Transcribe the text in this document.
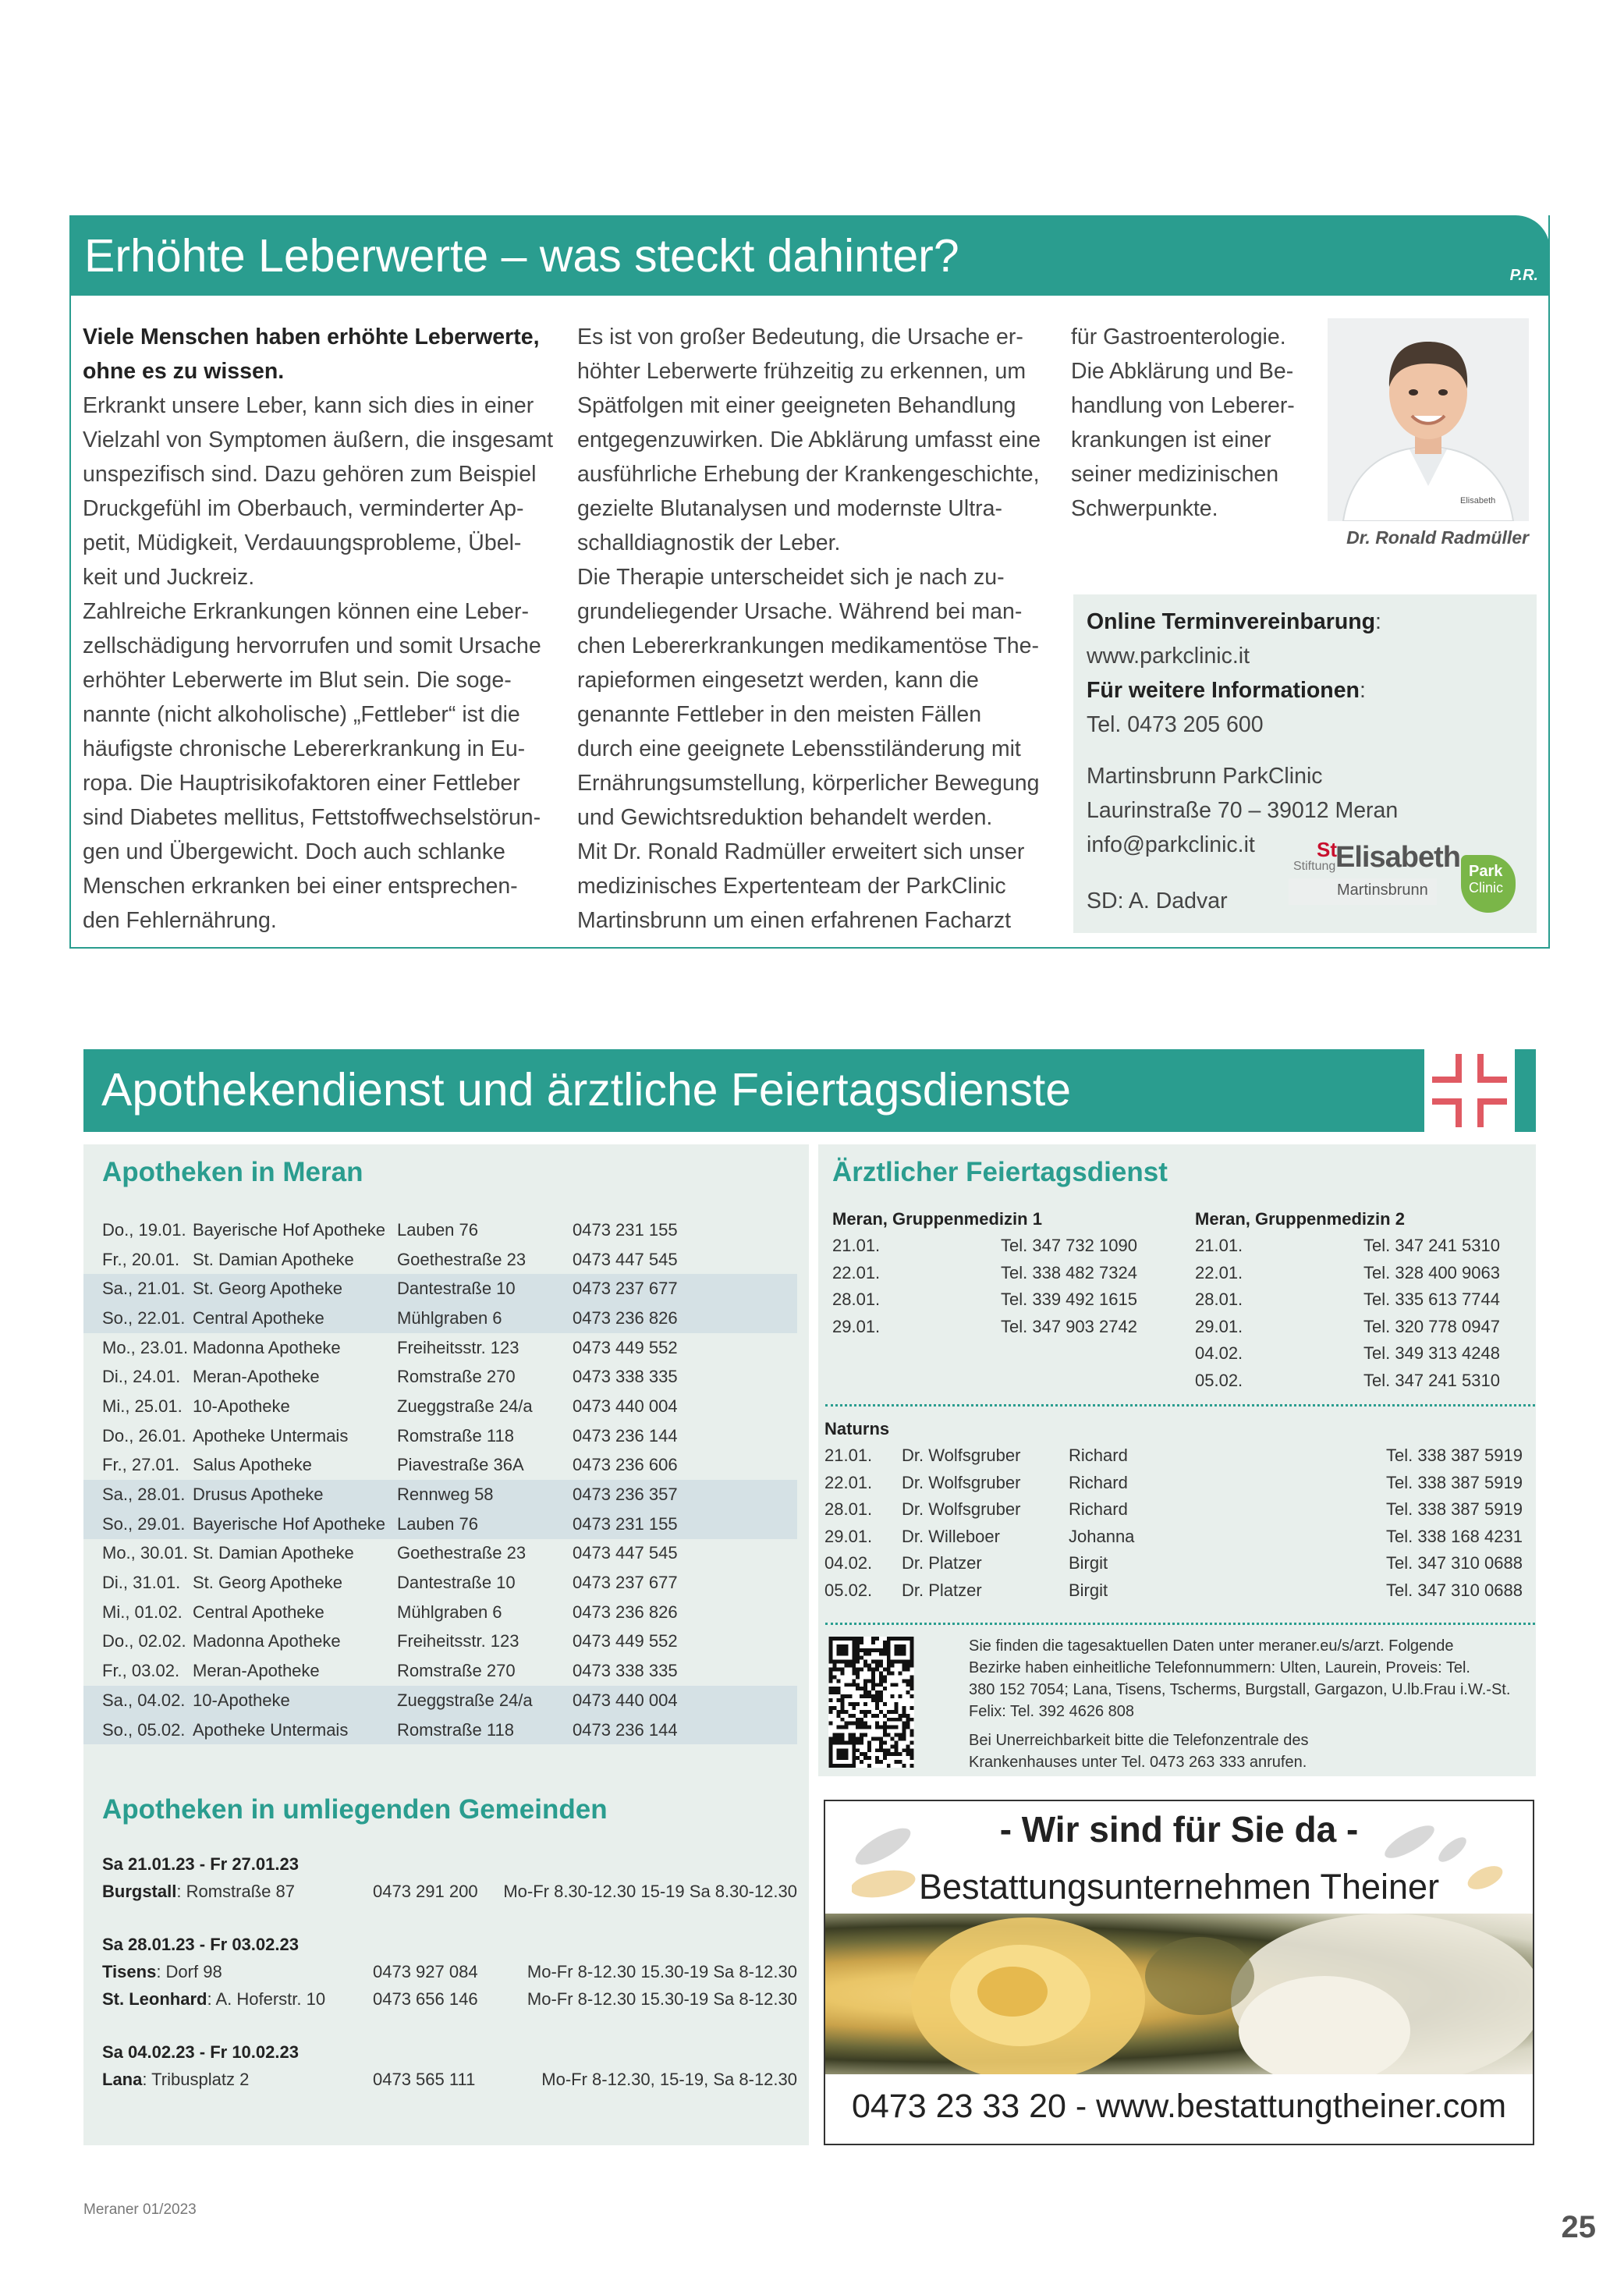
Erhöhte Leberwerte – was steckt dahinter?	P.R.
Viele Menschen haben erhöhte Leberwerte,
ohne es zu wissen.
Erkrankt unsere Leber, kann sich dies in einer
Vielzahl von Symptomen äußern, die insgesamt
unspezifisch sind. Dazu gehören zum Beispiel
Druckgefühl im Oberbauch, verminderter Ap-
petit, Müdigkeit, Verdauungsprobleme, Übel-
keit und Juckreiz.
Zahlreiche Erkrankungen können eine Leber-
zellschädigung hervorrufen und somit Ursache
erhöhter Leberwerte im Blut sein. Die soge-
nannte (nicht alkoholische) „Fettleber“ ist die
häufigste chronische Lebererkrankung in Eu-
ropa. Die Hauptrisikofaktoren einer Fettleber
sind Diabetes mellitus, Fettstoffwechselstörun-
gen und Übergewicht. Doch auch schlanke
Menschen erkranken bei einer entsprechen-
den Fehlernährung.
Es ist von großer Bedeutung, die Ursache er-
höhter Leberwerte frühzeitig zu erkennen, um
Spätfolgen mit einer geeigneten Behandlung
entgegenzuwirken. Die Abklärung umfasst eine
ausführliche Erhebung der Krankengeschichte,
gezielte Blutanalysen und modernste Ultra-
schalldiagnostik der Leber.
Die Therapie unterscheidet sich je nach zu-
grundeliegender Ursache. Während bei man-
chen Lebererkrankungen medikamentöse The-
rapieformen eingesetzt werden, kann die
genannte Fettleber in den meisten Fällen
durch eine geeignete Lebensstiländerung mit
Ernährungsumstellung, körperlicher Bewegung
und Gewichtsreduktion behandelt werden.
Mit Dr. Ronald Radmüller erweitert sich unser
medizinisches Expertenteam der ParkClinic
Martinsbrunn um einen erfahrenen Facharzt
für Gastroenterologie.
Die Abklärung und Be-
handlung von Leberer-
krankungen ist einer
seiner medizinischen
Schwerpunkte.	Elisabeth
Dr. Ronald Radmüller
Online Terminvereinbarung:
www.parkclinic.it
Für weitere Informationen:
Tel. 0473 205 600
Martinsbrunn ParkClinic
Laurinstraße 70 – 39012 Meran
info@parkclinic.it
SD: A. Dadvar
St
Stiftung Elisabeth
Martinsbrunn
Park
Clinic
Apothekendienst und ärztliche Feiertagsdienste
Apotheken in Meran
Do., 19.01.	Bayerische Hof Apotheke	Lauben 76	0473 231 155
Fr., 20.01.	St. Damian Apotheke	Goethestraße 23	0473 447 545
Sa., 21.01.	St. Georg Apotheke	Dantestraße 10	0473 237 677
So., 22.01.	Central Apotheke	Mühlgraben 6	0473 236 826
Mo., 23.01.	Madonna Apotheke	Freiheitsstr. 123	0473 449 552
Di., 24.01.	Meran-Apotheke	Romstraße 270	0473 338 335
Mi., 25.01.	10-Apotheke	Zueggstraße 24/a	0473 440 004
Do., 26.01.	Apotheke Untermais	Romstraße 118	0473 236 144
Fr., 27.01.	Salus Apotheke	Piavestraße 36A	0473 236 606
Sa., 28.01.	Drusus Apotheke	Rennweg 58	0473 236 357
So., 29.01.	Bayerische Hof Apotheke	Lauben 76	0473 231 155
Mo., 30.01.	St. Damian Apotheke	Goethestraße 23	0473 447 545
Di., 31.01.	St. Georg Apotheke	Dantestraße 10	0473 237 677
Mi., 01.02.	Central Apotheke	Mühlgraben 6	0473 236 826
Do., 02.02.	Madonna Apotheke	Freiheitsstr. 123	0473 449 552
Fr., 03.02.	Meran-Apotheke	Romstraße 270	0473 338 335
Sa., 04.02.	10-Apotheke	Zueggstraße 24/a	0473 440 004
So., 05.02.	Apotheke Untermais	Romstraße 118	0473 236 144
Apotheken in umliegenden Gemeinden
Sa 21.01.23 - Fr 27.01.23
Burgstall: Romstraße 87	0473 291 200 Mo-Fr 8.30-12.30 15-19 Sa 8.30-12.30
Sa 28.01.23 - Fr 03.02.23
Tisens: Dorf 98	0473 927 084	Mo-Fr 8-12.30 15.30-19 Sa 8-12.30
St. Leonhard: A. Hoferstr. 10	0473 656 146	Mo-Fr 8-12.30 15.30-19 Sa 8-12.30
Sa 04.02.23 - Fr 10.02.23
Lana: Tribusplatz 2	0473 565 111	Mo-Fr 8-12.30, 15-19, Sa 8-12.30
Ärztlicher Feiertagsdienst
Meran, Gruppenmedizin 1
21.01.	Tel. 347 732 1090
22.01.	Tel. 338 482 7324
28.01.	Tel. 339 492 1615
29.01.	Tel. 347 903 2742
Meran, Gruppenmedizin 2
21.01.	Tel. 347 241 5310
22.01.	Tel. 328 400 9063
28.01.	Tel. 335 613 7744
29.01.	Tel. 320 778 0947
04.02.	Tel. 349 313 4248
05.02.	Tel. 347 241 5310
Naturns
21.01. Dr. Wolfsgruber	Richard	Tel. 338 387 5919
22.01. Dr. Wolfsgruber	Richard	Tel. 338 387 5919
28.01. Dr. Wolfsgruber	Richard	Tel. 338 387 5919
29.01. Dr. Willeboer	Johanna	Tel. 338 168 4231
04.02. Dr. Platzer	Birgit	Tel. 347 310 0688
05.02. Dr. Platzer	Birgit	Tel. 347 310 0688
Sie finden die tagesaktuellen Daten unter meraner.eu/s/arzt. Folgende
Bezirke haben einheitliche Telefonnummern: Ulten, Laurein, Proveis: Tel.
380 152 7054; Lana, Tisens, Tscherms, Burgstall, Gargazon, U.lb.Frau i.W.-St.
Felix: Tel. 392 4626 808
Bei Unerreichbarkeit bitte die Telefonzentrale des
Krankenhauses unter Tel. 0473 263 333 anrufen.
- Wir sind für Sie da -
Bestattungsunternehmen Theiner
0473 23 33 20 - www.bestattungtheiner.com
Meraner 01/2023
25
